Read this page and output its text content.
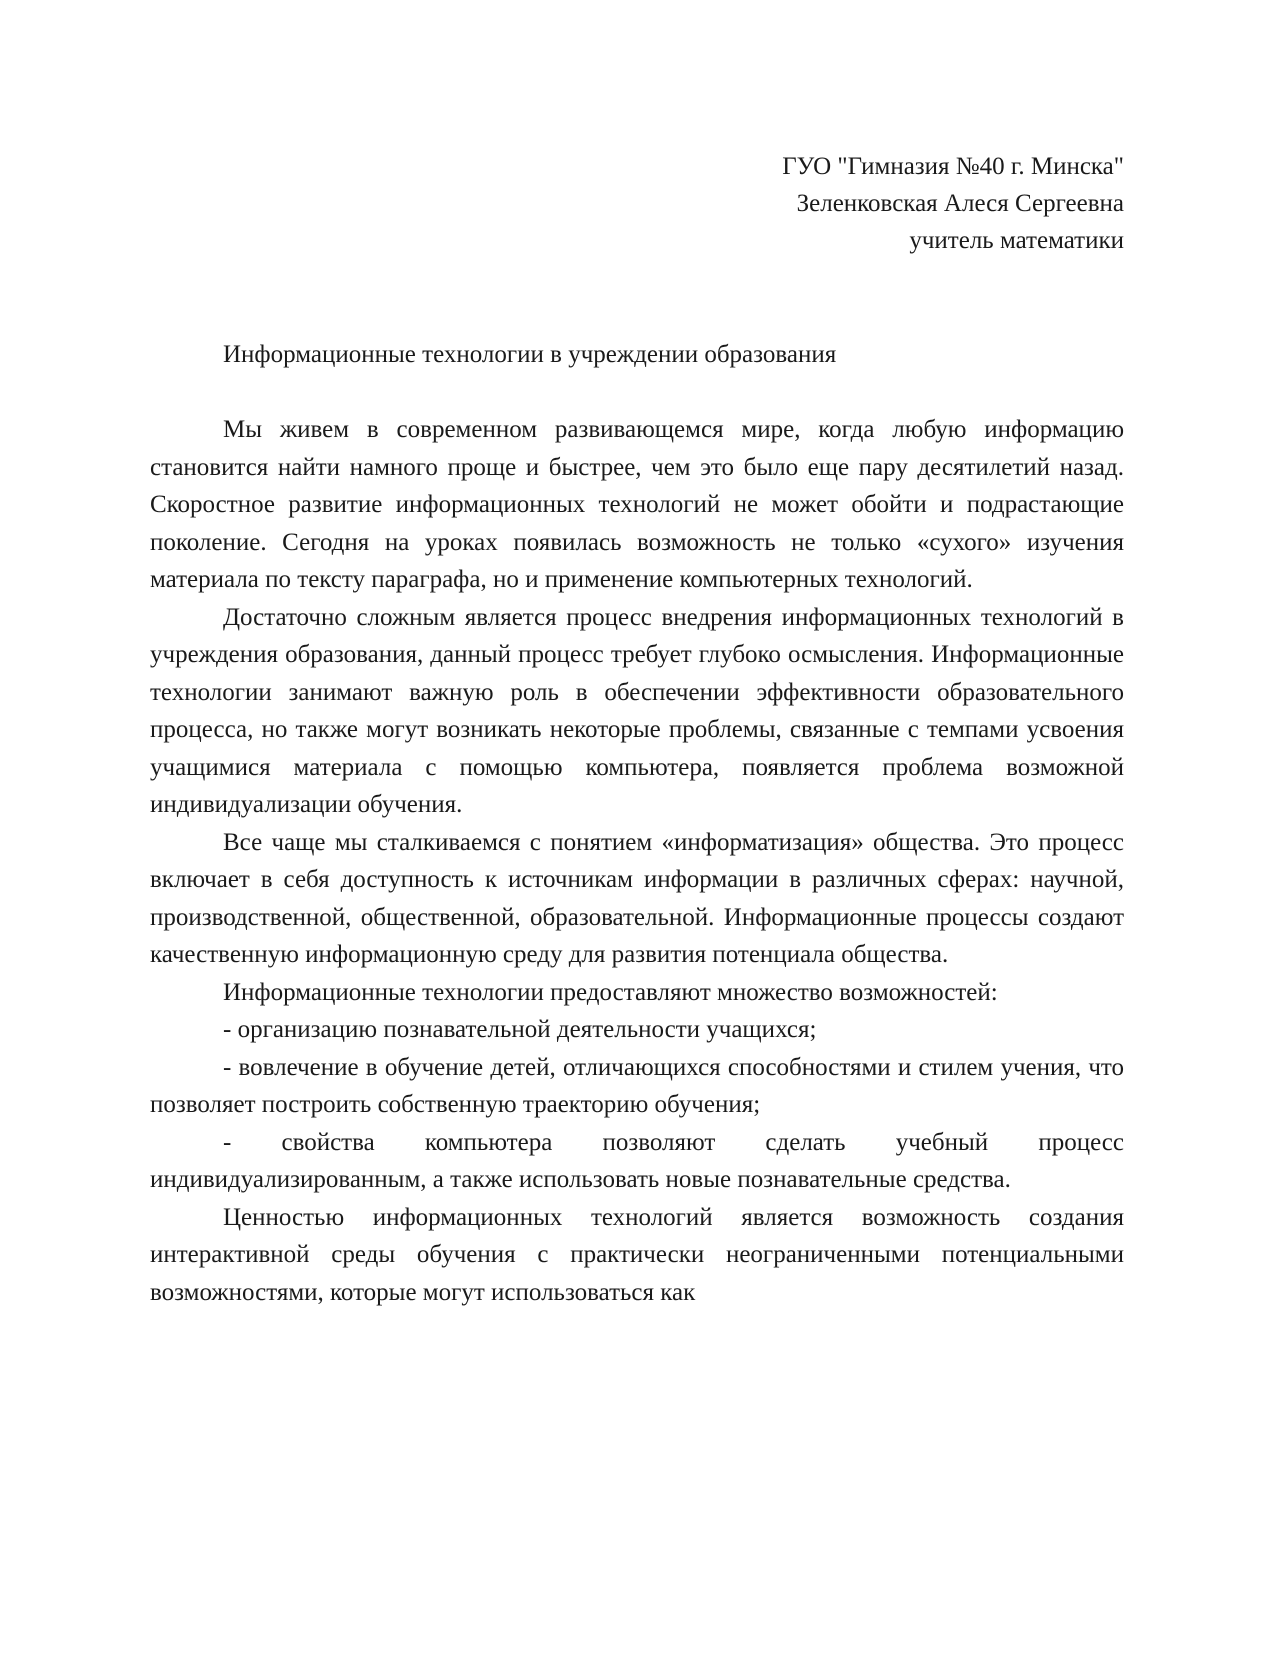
ГУО "Гимназия №40 г. Минска"
Зеленковская Алеся Сергеевна
учитель математики
Информационные технологии в учреждении образования

Мы живем в современном развивающемся мире, когда любую информацию становится найти намного проще и быстрее, чем это было еще пару десятилетий назад. Скоростное развитие информационных технологий не может обойти и подрастающие поколение. Сегодня на уроках появилась возможность не только «сухого» изучения материала по тексту параграфа, но и применение компьютерных технологий.

Достаточно сложным является процесс внедрения информационных технологий в учреждения образования, данный процесс требует глубоко осмысления. Информационные технологии занимают важную роль в обеспечении эффективности образовательного процесса, но также могут возникать некоторые проблемы, связанные с темпами усвоения учащимися материала с помощью компьютера, появляется проблема возможной индивидуализации обучения.

Все чаще мы сталкиваемся с понятием «информатизация» общества. Это процесс включает в себя доступность к источникам информации в различных сферах: научной, производственной, общественной, образовательной. Информационные процессы создают качественную информационную среду для развития потенциала общества.

Информационные технологии предоставляют множество возможностей:

- организацию познавательной деятельности учащихся;

- вовлечение в обучение детей, отличающихся способностями и стилем учения, что позволяет построить собственную траекторию обучения;

- свойства компьютера позволяют сделать учебный процесс индивидуализированным, а также использовать новые познавательные средства.

Ценностью информационных технологий является возможность создания интерактивной среды обучения с практически неограниченными потенциальными возможностями, которые могут использоваться как
